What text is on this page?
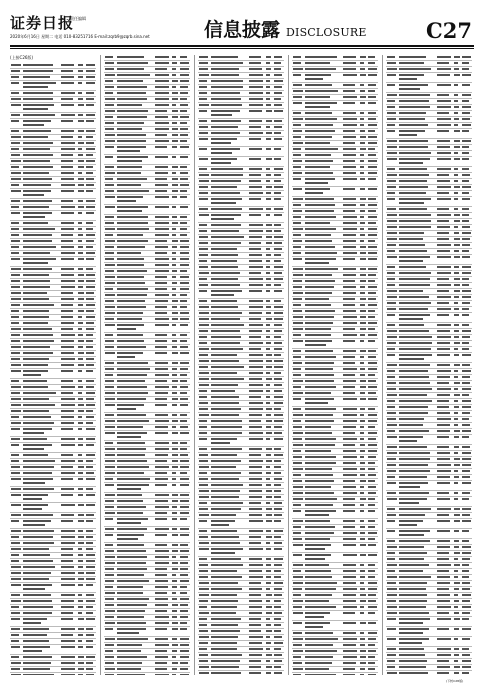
证券日报
责任编辑
2020年6月16日 星期二 电话 010-83251716 E-mail:zqrb9@zqrb.sina.net	信息披露 DISCLOSURE	C27
(上接C26版)
(下转C28版)
